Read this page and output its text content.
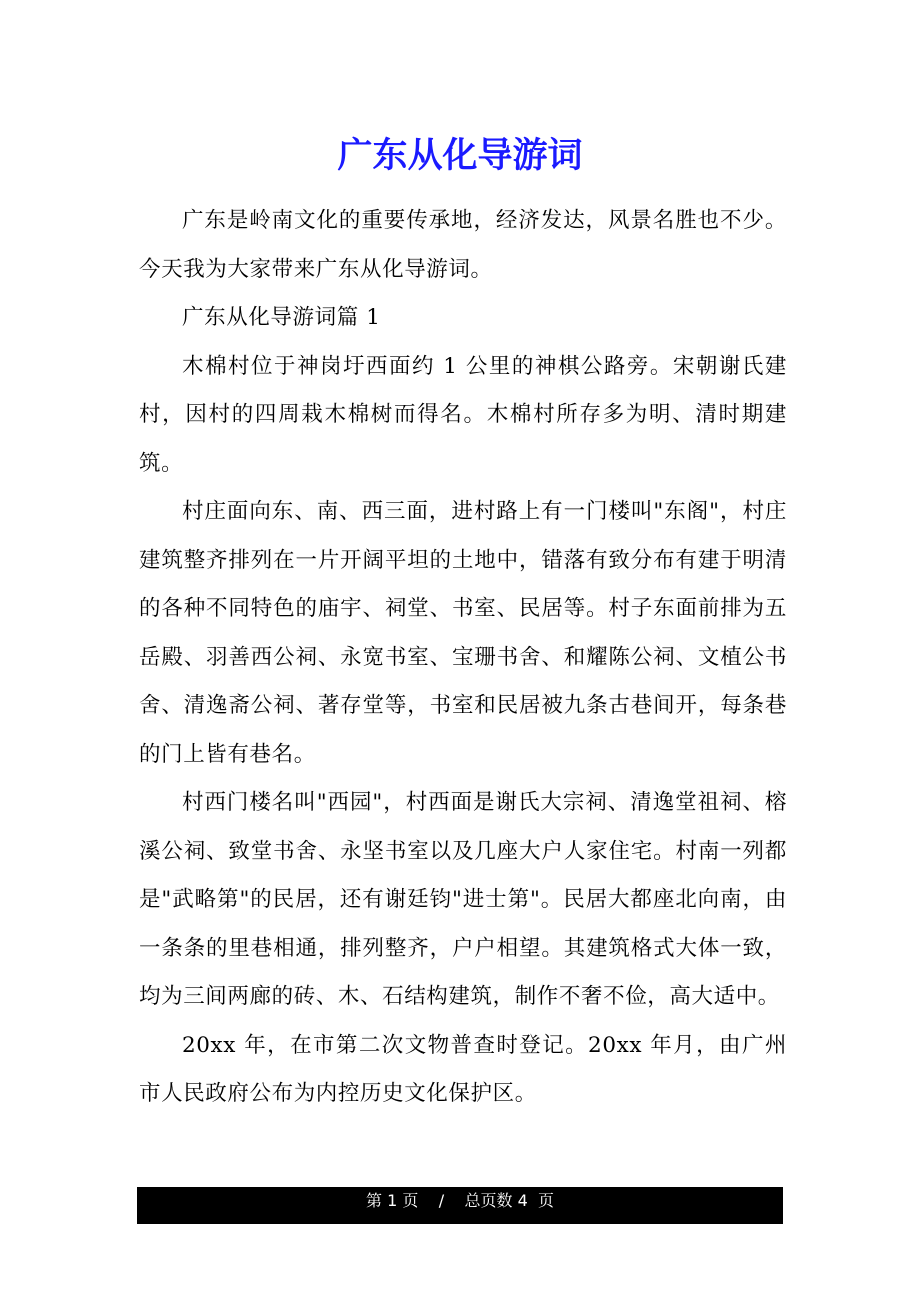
广东从化导游词

广东是岭南文化的重要传承地，经济发达，风景名胜也不少。今天我为大家带来广东从化导游词。

广东从化导游词篇 1

木棉村位于神岗圩西面约 1 公里的神棋公路旁。宋朝谢氏建村，因村的四周栽木棉树而得名。木棉村所存多为明、清时期建筑。

村庄面向东、南、西三面，进村路上有一门楼叫"东阁"，村庄建筑整齐排列在一片开阔平坦的土地中，错落有致分布有建于明清的各种不同特色的庙宇、祠堂、书室、民居等。村子东面前排为五岳殿、羽善西公祠、永宽书室、宝珊书舍、和耀陈公祠、文植公书舍、清逸斋公祠、著存堂等，书室和民居被九条古巷间开，每条巷的门上皆有巷名。

村西门楼名叫"西园"，村西面是谢氏大宗祠、清逸堂祖祠、榕溪公祠、致堂书舍、永坚书室以及几座大户人家住宅。村南一列都是"武略第"的民居，还有谢廷钧"进士第"。民居大都座北向南，由一条条的里巷相通，排列整齐，户户相望。其建筑格式大体一致，均为三间两廊的砖、木、石结构建筑，制作不奢不俭，高大适中。

20xx 年，在市第二次文物普查时登记。20xx 年月，由广州市人民政府公布为内控历史文化保护区。

第
1
页
/
总页数
4
页
